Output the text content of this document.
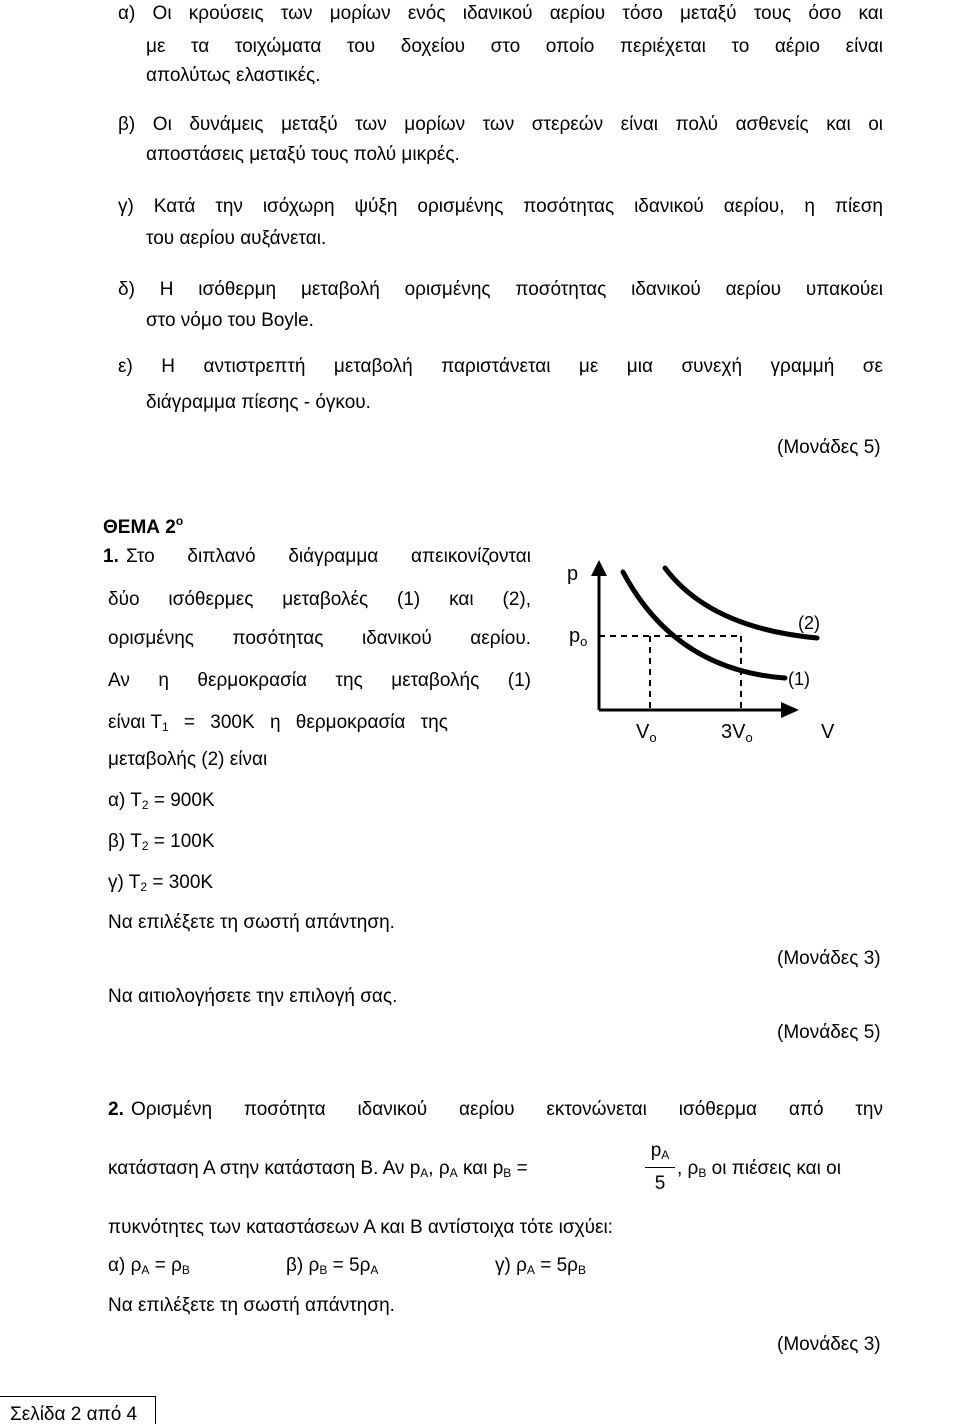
α) Οι κρούσεις των μορίων ενός ιδανικού αερίου τόσο μεταξύ τους όσο και
με τα τοιχώματα του δοχείου στο οποίο περιέχεται το αέριο είναι
απολύτως ελαστικές.
β) Οι δυνάμεις μεταξύ των μορίων των στερεών είναι πολύ ασθενείς και οι
αποστάσεις μεταξύ τους πολύ μικρές.
γ) Κατά την ισόχωρη ψύξη ορισμένης ποσότητας ιδανικού αερίου, η πίεση
του αερίου αυξάνεται.
δ) Η ισόθερμη μεταβολή ορισμένης ποσότητας ιδανικού αερίου υπακούει
στο νόμο του Boyle.
ε) Η αντιστρεπτή μεταβολή παριστάνεται με μια συνεχή γραμμή σε
διάγραμμα πίεσης - όγκου.
(Μονάδες 5)
ΘΕΜΑ $2^o$
1. Στο διπλανό διάγραμμα απεικονίζονται
δύο ισόθερμες μεταβολές (1) και (2),
ορισμένης ποσότητας ιδανικού αερίου.
Αν η θερμοκρασία της μεταβολής (1)
είναι $T_1 = 300K$ η θερμοκρασία της
μεταβολής (2) είναι
α) $T_2 = 900K$
β) $T_2 = 100K$
γ) $T_2 = 300K$
Να επιλέξετε τη σωστή απάντηση.
(Μονάδες 3)
Να αιτιολογήσετε την επιλογή σας.
(Μονάδες 5)
p
$p_o$
$V_o$	$3V_o$	V
(2)
(1)
2. Ορισμένη ποσότητα ιδανικού αερίου εκτονώνεται ισόθερμα από την
κατάσταση Α στην κατάσταση Β. Αν $p_A$, $\rho_A$ και $p_B$ =
$p_A$
5
, $\rho_B$ οι πιέσεις και οι
πυκνότητες των καταστάσεων Α και Β αντίστοιχα τότε ισχύει:
α) $\rho_A = \rho_B$	β) $\rho_B = 5\rho_A$	γ) $\rho_A = 5\rho_B$
Να επιλέξετε τη σωστή απάντηση.
(Μονάδες 3)
Σελίδα 2 από 4
